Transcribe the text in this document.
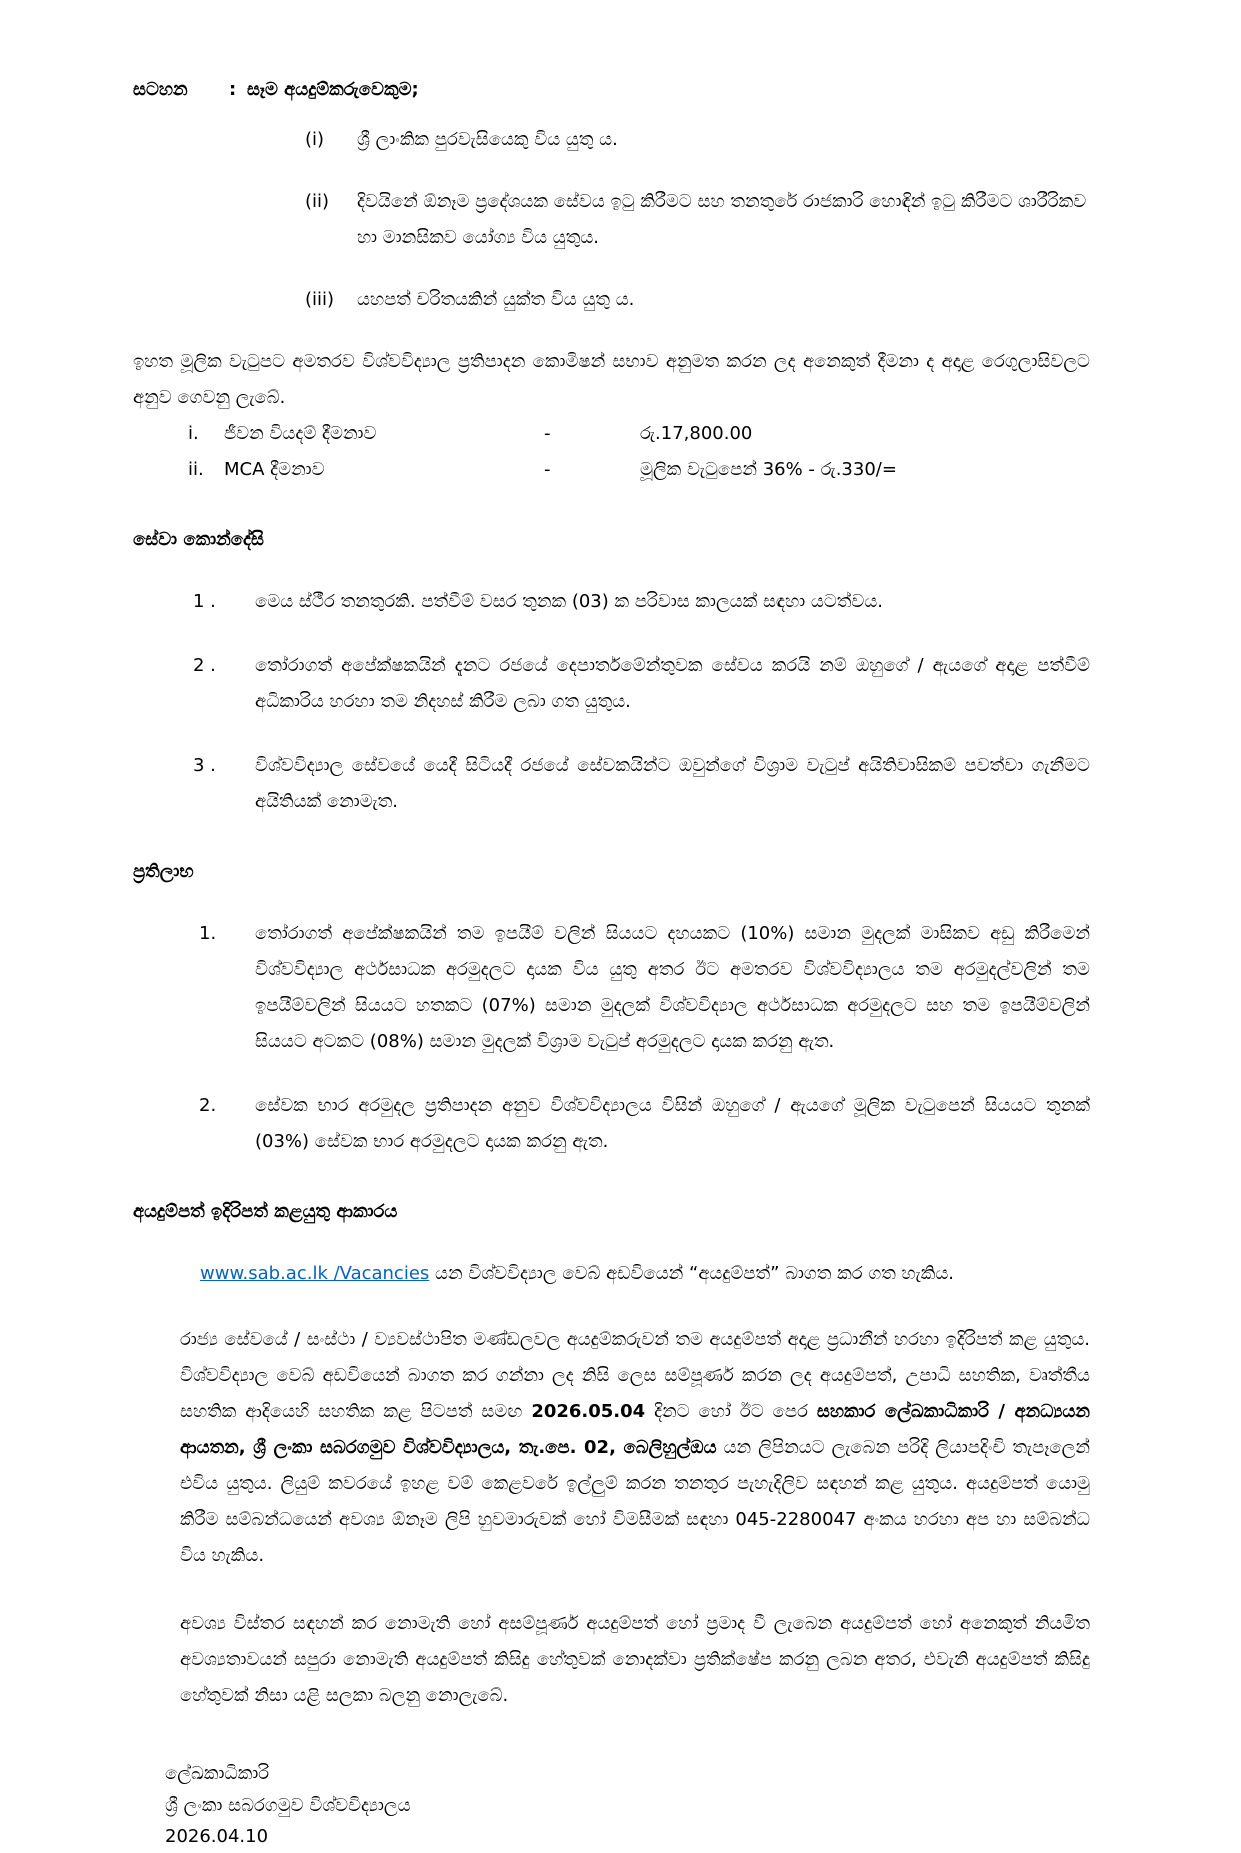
සටහන	: සෑම අයදුම්කරුවෙකුම;
(i)	ශ්‍රී ලාංකික පුරවැසියෙකු විය යුතු ය.
(ii)	දිවයිනේ ඕනෑම ප්‍රදේශයක සේවය ඉටු කිරීමට සහ තනතුරේ රාජකාරි හොඳින් ඉටු කිරීමට ශාරීරිකව හා මානසිකව යෝග්‍ය විය යුතුය.
(iii)	යහපත් චරිතයකින් යුක්ත විය යුතු ය.
ඉහත මූලික වැටුපට අමතරව විශ්වවිද්‍යාල ප්‍රතිපාදන කොමිෂන් සභාව අනුමත කරන ලද අනෙකුත් දීමනා ද අදාළ රෙගුලාසිවලට අනුව ගෙවනු ලැබේ.
i.	ජීවන වියදම් දීමනාව	-	රු.17,800.00
ii.	MCA දීමනාව	-	මූලික වැටුපෙන් 36% - රු.330/=
සේවා කොන්දේසි
1 .	මෙය ස්ථීර තනතුරකි. පත්වීම් වසර තුනක (03) ක පරිවාස කාලයක් සඳහා යටත්වය.
2 .	තෝරාගත් අපේක්ෂකයින් දැනට රජයේ දෙපාර්තමේන්තුවක සේවය කරයි නම් ඔහුගේ / ඇයගේ අදාළ පත්වීම් අධිකාරිය හරහා තම නිදහස් කිරීම ලබා ගත යුතුය.
3 .	විශ්වවිද්‍යාල සේවයේ යෙදී සිටියදී රජයේ සේවකයින්ට ඔවුන්ගේ විශ්‍රාම වැටුප් අයිතිවාසිකම් පවත්වා ගැනීමට අයිතියක් නොමැත.
ප්‍රතිලාභ
1.	තෝරාගත් අපේක්ෂකයින් තම ඉපයීම් වලින් සියයට දහයකට (10%) සමාන මුදලක් මාසිකව අඩු කිරීමෙන් විශ්වවිද්‍යාල අර්ථසාධක අරමුදලට දායක විය යුතු අතර ඊට අමතරව විශ්වවිද්‍යාලය තම අරමුදල්වලින් තම ඉපයීම්වලින් සියයට හතකට (07%) සමාන මුදලක් විශ්වවිද්‍යාල අර්ථසාධක අරමුදලට සහ තම ඉපයීම්වලින් සියයට අටකට (08%) සමාන මුදලක් විශ්‍රාම වැටුප් අරමුදලට දායක කරනු ඇත.
2.	සේවක භාර අරමුදල ප්‍රතිපාදන අනුව විශ්වවිද්‍යාලය විසින් ඔහුගේ / ඇයගේ මූලික වැටුපෙන් සියයට තුනක් (03%) සේවක භාර අරමුදලට දායක කරනු ඇත.
අයදුම්පත් ඉදිරිපත් කළයුතු ආකාරය
www.sab.ac.lk /Vacancies යන විශ්වවිද්‍යාල වෙබ් අඩවියෙන් “අයදුම්පත්” බාගත කර ගත හැකිය.
රාජ්‍ය සේවයේ / සංස්ථා / ව්‍යවස්ථාපිත මණ්ඩලවල අයදුම්කරුවන් තම අයදුම්පත් අදාළ ප්‍රධානීන් හරහා ඉදිරිපත් කළ යුතුය. විශ්වවිද්‍යාල වෙබ් අඩවියෙන් බාගත කර ගන්නා ලද නිසි ලෙස සම්පූර්ණ කරන ලද අයදුම්පත්, උපාධි සහතික, වෘත්තීය සහතික ආදියෙහි සහතික කළ පිටපත් සමඟ 2026.05.04 දිනට හෝ ඊට පෙර සහකාර ලේඛකාධිකාරි / අනධ්‍යයන ආයතන, ශ්‍රී ලංකා සබරගමුව විශ්වවිද්‍යාලය, තැ.පෙ. 02, බෙලිහුල්ඔය යන ලිපිනයට ලැබෙන පරිදි ලියාපදිංචි තැපෑලෙන් එවිය යුතුය. ලියුම් කවරයේ ඉහළ වම් කෙළවරේ ඉල්ලුම් කරන තනතුර පැහැදිලිව සඳහන් කළ යුතුය. අයදුම්පත් යොමු කිරීම සම්බන්ධයෙන් අවශ්‍ය ඕනෑම ලිපි හුවමාරුවක් හෝ විමසීමක් සඳහා 045-2280047 අංකය හරහා අප හා සම්බන්ධ විය හැකිය.
අවශ්‍ය විස්තර සඳහන් කර නොමැති හෝ අසම්පූර්ණ අයදුම්පත් හෝ ප්‍රමාද වී ලැබෙන අයදුම්පත් හෝ අනෙකුත් නියමිත අවශ්‍යතාවයන් සපුරා නොමැති අයදුම්පත් කිසිදු හේතුවක් නොදක්වා ප්‍රතික්ෂේප කරනු ලබන අතර, එවැනි අයදුම්පත් කිසිදු හේතුවක් නිසා යළි සලකා බලනු නොලැබේ.
ලේඛකාධිකාරි
ශ්‍රී ලංකා සබරගමුව විශ්වවිද්‍යාලය
2026.04.10
